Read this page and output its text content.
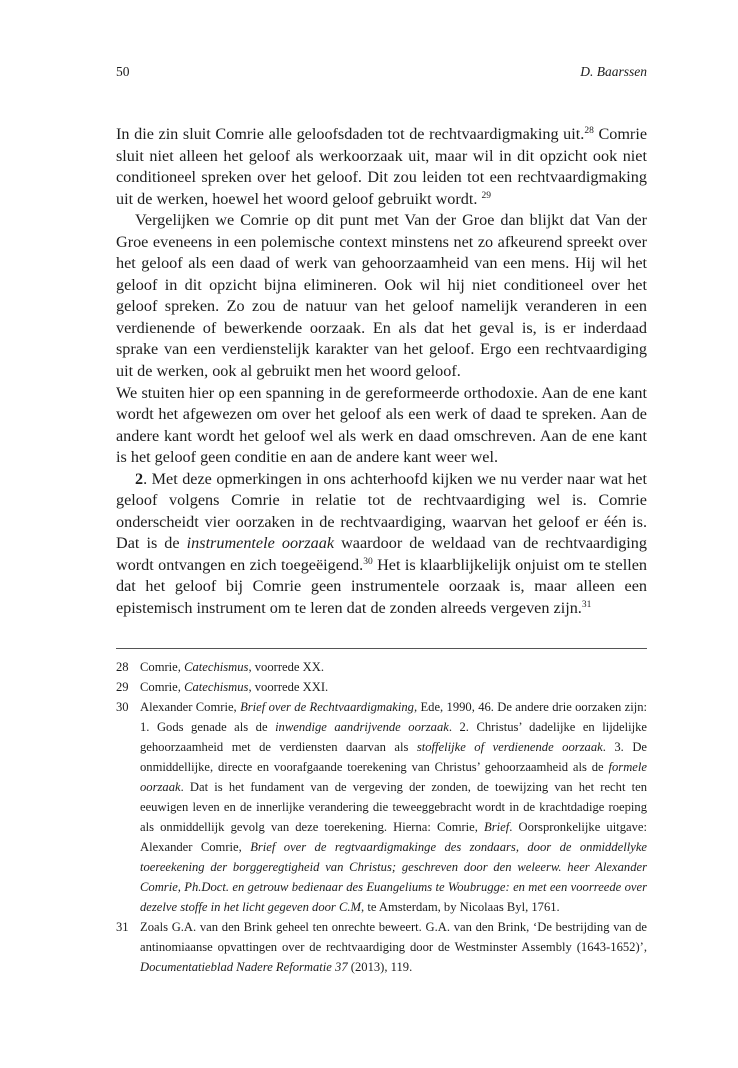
50	D. Baarssen

In die zin sluit Comrie alle geloofsdaden tot de rechtvaardigmaking uit.$^{28}$ Comrie sluit niet alleen het geloof als werkoorzaak uit, maar wil in dit opzicht ook niet conditioneel spreken over het geloof. Dit zou leiden tot een rechtvaardigmaking uit de werken, hoewel het woord geloof gebruikt wordt. $^{29}$

Vergelijken we Comrie op dit punt met Van der Groe dan blijkt dat Van der Groe eveneens in een polemische context minstens net zo afkeurend spreekt over het geloof als een daad of werk van gehoorzaamheid van een mens. Hij wil het geloof in dit opzicht bijna elimineren. Ook wil hij niet conditioneel over het geloof spreken. Zo zou de natuur van het geloof namelijk veranderen in een verdienende of bewerkende oorzaak. En als dat het geval is, is er inderdaad sprake van een verdienstelijk karakter van het geloof. Ergo een rechtvaardiging uit de werken, ook al gebruikt men het woord geloof.

We stuiten hier op een spanning in de gereformeerde orthodoxie. Aan de ene kant wordt het afgewezen om over het geloof als een werk of daad te spreken. Aan de andere kant wordt het geloof wel als werk en daad omschreven. Aan de ene kant is het geloof geen conditie en aan de andere kant weer wel.

2. Met deze opmerkingen in ons achterhoofd kijken we nu verder naar wat het geloof volgens Comrie in relatie tot de rechtvaardiging wel is. Comrie onderscheidt vier oorzaken in de rechtvaardiging, waarvan het geloof er één is. Dat is de instrumentele oorzaak waardoor de weldaad van de rechtvaardiging wordt ontvangen en zich toegeëigend.$^{30}$ Het is klaarblijkelijk onjuist om te stellen dat het geloof bij Comrie geen instrumentele oorzaak is, maar alleen een epistemisch instrument om te leren dat de zonden alreeds vergeven zijn.$^{31}$

28 Comrie, Catechismus, voorrede XX.
29 Comrie, Catechismus, voorrede XXI.
30 Alexander Comrie, Brief over de Rechtvaardigmaking, Ede, 1990, 46. De andere drie oorzaken zijn: 1. Gods genade als de inwendige aandrijvende oorzaak. 2. Christus’ dadelijke en lijdelijke gehoorzaamheid met de verdiensten daarvan als stoffelijke of verdienende oorzaak. 3. De onmiddellijke, directe en voorafgaande toerekening van Christus’ gehoorzaamheid als de formele oorzaak. Dat is het fundament van de vergeving der zonden, de toewijzing van het recht ten eeuwigen leven en de innerlijke verandering die teweeggebracht wordt in de krachtdadige roeping als onmiddellijk gevolg van deze toerekening. Hierna: Comrie, Brief. Oorspronkelijke uitgave: Alexander Comrie, Brief over de regtvaardigmakinge des zondaars, door de onmiddellyke toereekening der borggeregtigheid van Christus; geschreven door den weleerw. heer Alexander Comrie, Ph.Doct. en getrouw bedienaar des Euangeliums te Woubrugge: en met een voorreede over dezelve stoffe in het licht gegeven door C.M, te Amsterdam, by Nicolaas Byl, 1761.
31 Zoals G.A. van den Brink geheel ten onrechte beweert. G.A. van den Brink, ‘De bestrijding van de antinomiaanse opvattingen over de rechtvaardiging door de Westminster Assembly (1643-1652)’, Documentatieblad Nadere Reformatie 37 (2013), 119.
